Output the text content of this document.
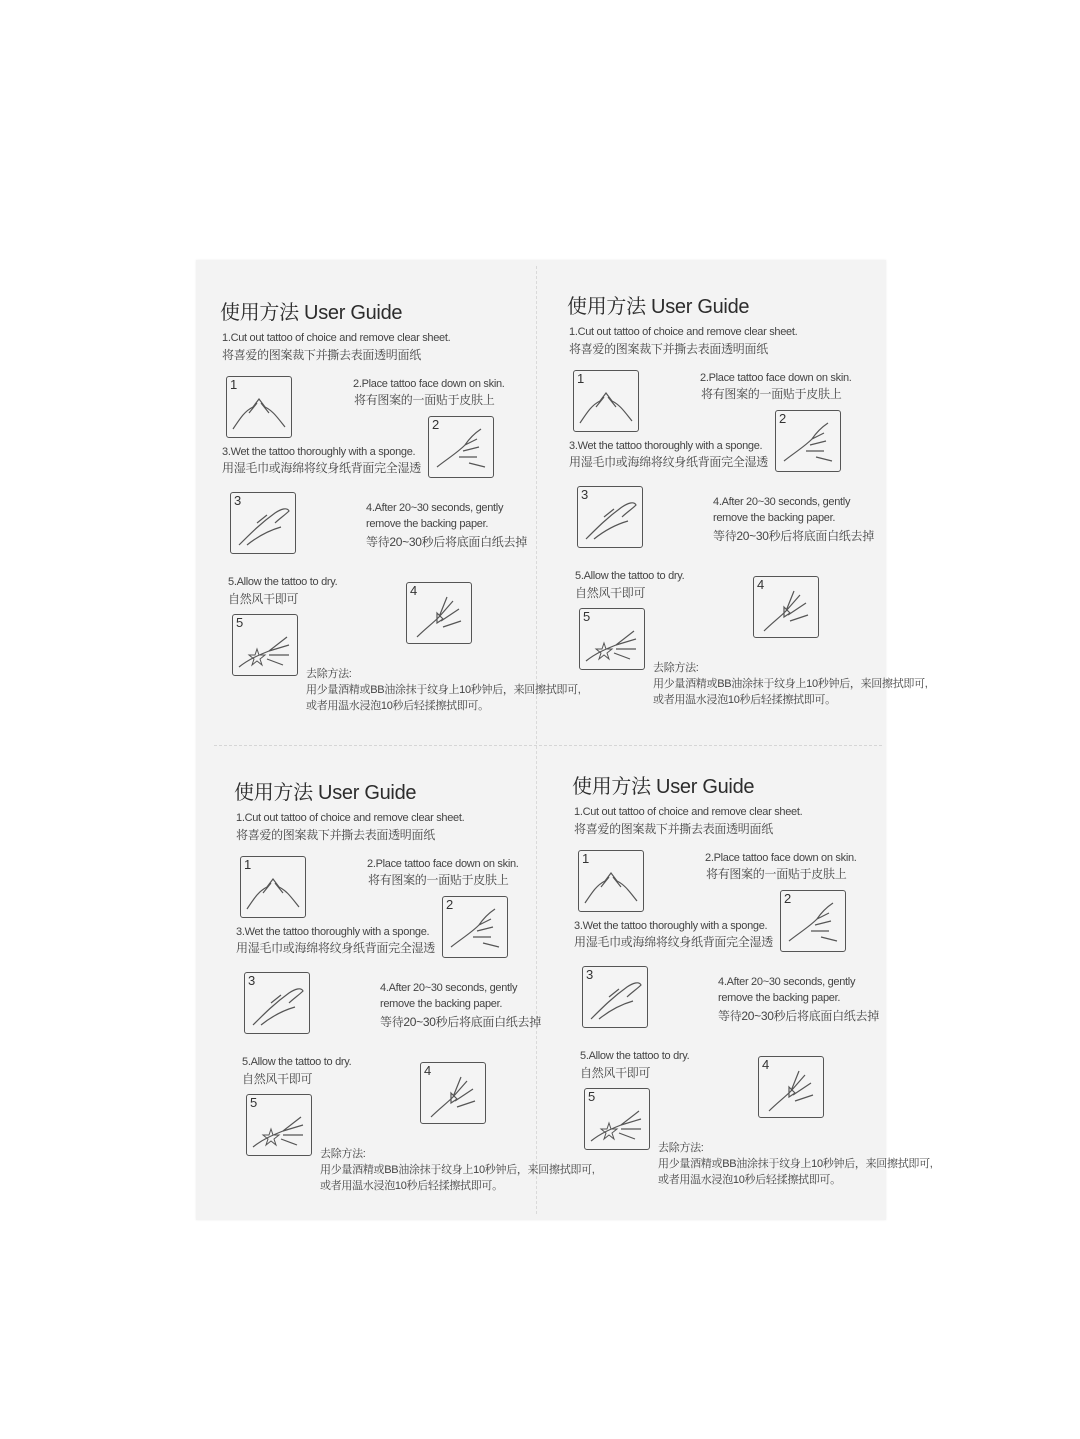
使用方法 User Guide
1.Cut out tattoo of choice and remove clear sheet.
将喜爱的图案裁下并撕去表面透明面纸
1	2.Place tattoo face down on skin.
将有图案的一面贴于皮肤上
2
3.Wet the tattoo thoroughly with a sponge.
用湿毛巾或海绵将纹身纸背面完全湿透
3	4.After 20~30 seconds, gently
remove the backing paper.
等待20~30秒后将底面白纸去掉
5.Allow the tattoo to dry.
自然风干即可
4
5
去除方法:
用少量酒精或BB油涂抹于纹身上10秒钟后，来回擦拭即可,
或者用温水浸泡10秒后轻揉擦拭即可。
使用方法 User Guide
1.Cut out tattoo of choice and remove clear sheet.
将喜爱的图案裁下并撕去表面透明面纸
1	2.Place tattoo face down on skin.
将有图案的一面贴于皮肤上
2
3.Wet the tattoo thoroughly with a sponge.
用湿毛巾或海绵将纹身纸背面完全湿透
3	4.After 20~30 seconds, gently
remove the backing paper.
等待20~30秒后将底面白纸去掉
5.Allow the tattoo to dry.
自然风干即可
4
5
去除方法:
用少量酒精或BB油涂抹于纹身上10秒钟后，来回擦拭即可,
或者用温水浸泡10秒后轻揉擦拭即可。
使用方法 User Guide
1.Cut out tattoo of choice and remove clear sheet.
将喜爱的图案裁下并撕去表面透明面纸
1	2.Place tattoo face down on skin.
将有图案的一面贴于皮肤上
2
3.Wet the tattoo thoroughly with a sponge.
用湿毛巾或海绵将纹身纸背面完全湿透
3	4.After 20~30 seconds, gently
remove the backing paper.
等待20~30秒后将底面白纸去掉
5.Allow the tattoo to dry.
自然风干即可
4
5
去除方法:
用少量酒精或BB油涂抹于纹身上10秒钟后，来回擦拭即可,
或者用温水浸泡10秒后轻揉擦拭即可。
使用方法 User Guide
1.Cut out tattoo of choice and remove clear sheet.
将喜爱的图案裁下并撕去表面透明面纸
1	2.Place tattoo face down on skin.
将有图案的一面贴于皮肤上
2
3.Wet the tattoo thoroughly with a sponge.
用湿毛巾或海绵将纹身纸背面完全湿透
3	4.After 20~30 seconds, gently
remove the backing paper.
等待20~30秒后将底面白纸去掉
5.Allow the tattoo to dry.
自然风干即可
4
5
去除方法:
用少量酒精或BB油涂抹于纹身上10秒钟后，来回擦拭即可,
或者用温水浸泡10秒后轻揉擦拭即可。
